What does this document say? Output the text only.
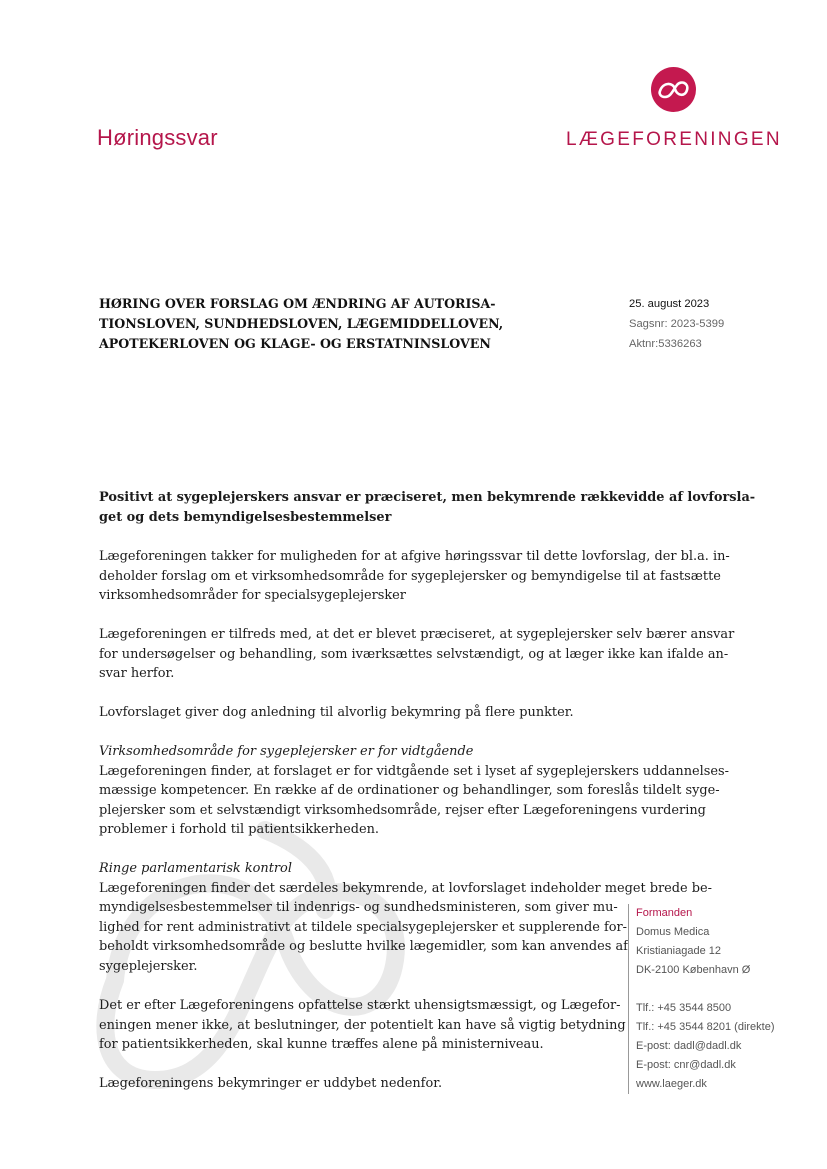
Høringssvar	LÆGEFORENINGEN
HØRING OVER FORSLAG OM ÆNDRING AF AUTORISA-
TIONSLOVEN, SUNDHEDSLOVEN, LÆGEMIDDELLOVEN,
APOTEKERLOVEN OG KLAGE- OG ERSTATNINSLOVEN
25. august 2023
Sagsnr: 2023-5399
Aktnr:5336263
Positivt at sygeplejerskers ansvar er præciseret, men bekymrende rækkevidde af lovforsla-
get og dets bemyndigelsesbestemmelser
Lægeforeningen takker for muligheden for at afgive høringssvar til dette lovforslag, der bl.a. in-
deholder forslag om et virksomhedsområde for sygeplejersker og bemyndigelse til at fastsætte
virksomhedsområder for specialsygeplejersker
Lægeforeningen er tilfreds med, at det er blevet præciseret, at sygeplejersker selv bærer ansvar
for undersøgelser og behandling, som iværksættes selvstændigt, og at læger ikke kan ifalde an-
svar herfor.
Lovforslaget giver dog anledning til alvorlig bekymring på flere punkter.
Virksomhedsområde for sygeplejersker er for vidtgående
Lægeforeningen finder, at forslaget er for vidtgående set i lyset af sygeplejerskers uddannelses-
mæssige kompetencer. En række af de ordinationer og behandlinger, som foreslås tildelt syge-
plejersker som et selvstændigt virksomhedsområde, rejser efter Lægeforeningens vurdering
problemer i forhold til patientsikkerheden.
Ringe parlamentarisk kontrol
Lægeforeningen finder det særdeles bekymrende, at lovforslaget indeholder meget brede be-
myndigelsesbestemmelser til indenrigs- og sundhedsministeren, som giver mu-
lighed for rent administrativt at tildele specialsygeplejersker et supplerende for-
beholdt virksomhedsområde og beslutte hvilke lægemidler, som kan anvendes af
sygeplejersker.
Det er efter Lægeforeningens opfattelse stærkt uhensigtsmæssigt, og Lægefor-
eningen mener ikke, at beslutninger, der potentielt kan have så vigtig betydning
for patientsikkerheden, skal kunne træffes alene på ministerniveau.
Lægeforeningens bekymringer er uddybet nedenfor.
Formanden
Domus Medica
Kristianiagade 12
DK-2100 København Ø
Tlf.: +45 3544 8500
Tlf.: +45 3544 8201 (direkte)
E-post: dadl@dadl.dk
E-post: cnr@dadl.dk
www.laeger.dk
